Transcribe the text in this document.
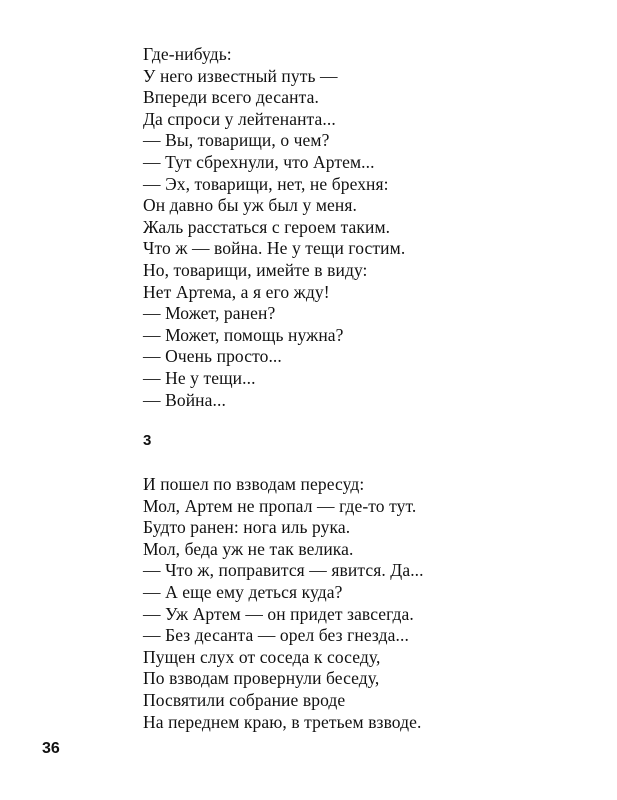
Где-нибудь:
У него известный путь —
Впереди всего десанта.
Да спроси у лейтенанта...
— Вы, товарищи, о чем?
— Тут сбрехнули, что Артем...
— Эх, товарищи, нет, не брехня:
Он давно бы уж был у меня.
Жаль расстаться с героем таким.
Что ж — война. Не у тещи гостим.
Но, товарищи, имейте в виду:
Нет Артема, а я его жду!
— Может, ранен?
— Может, помощь нужна?
— Очень просто...
— Не у тещи...
— Война...
3
И пошел по взводам пересуд:
Мол, Артем не пропал — где-то тут.
Будто ранен: нога иль рука.
Мол, беда уж не так велика.
— Что ж, поправится — явится. Да...
— А еще ему деться куда?
— Уж Артем — он придет завсегда.
— Без десанта — орел без гнезда...
Пущен слух от соседа к соседу,
По взводам провернули беседу,
Посвятили собрание вроде
На переднем краю, в третьем взводе.
36
